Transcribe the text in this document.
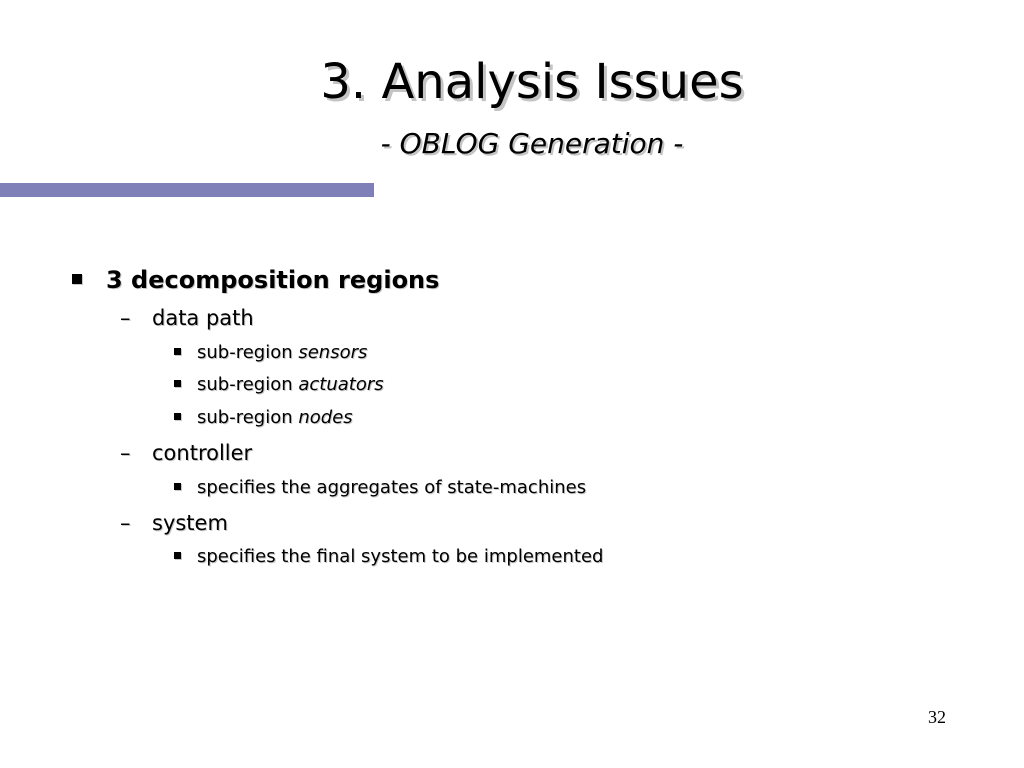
3. Analysis Issues
- OBLOG Generation -
3 decomposition regions
– data path
sub-region sensors
sub-region actuators
sub-region nodes
– controller
specifies the aggregates of state-machines
– system
specifies the final system to be implemented
32
